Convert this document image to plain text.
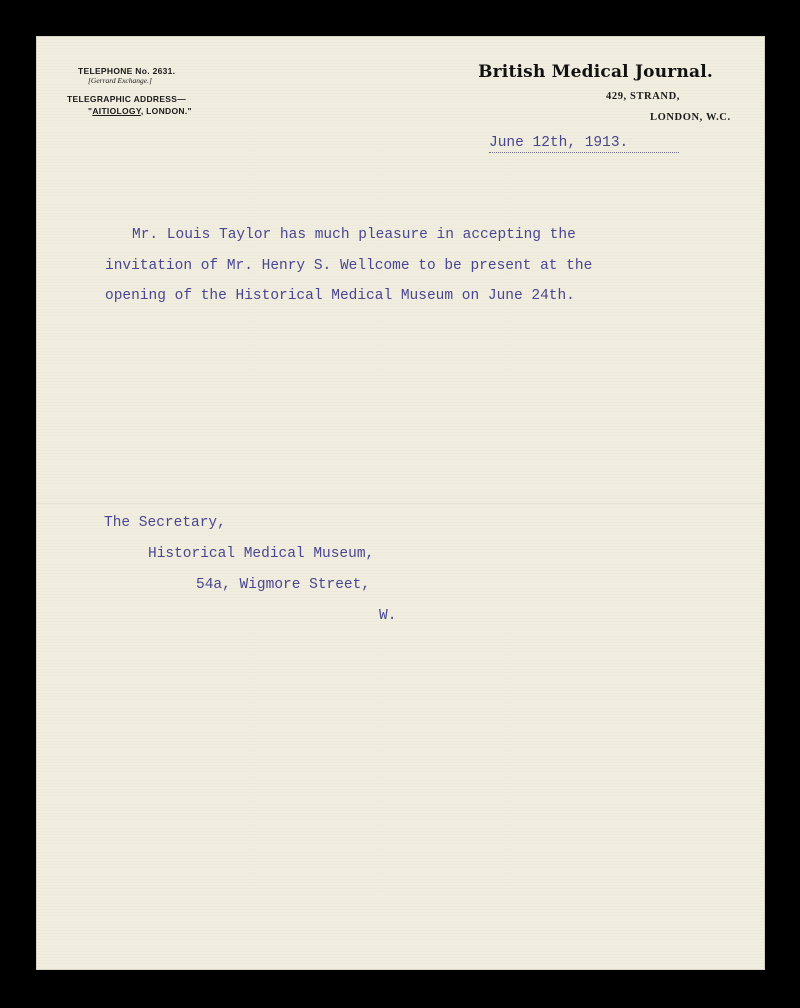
TELEPHONE No. 2631.
[Gerrard Exchange.]
TELEGRAPHIC ADDRESS—
"AITIOLOGY, LONDON."
British Medical Journal.
429, STRAND,
LONDON, W.C.
June 12th, 1913.
Mr. Louis Taylor has much pleasure in accepting the
invitation of Mr. Henry S. Wellcome to be present at the
opening of the Historical Medical Museum on June 24th.
The Secretary,
Historical Medical Museum,
54a, Wigmore Street,
W.
